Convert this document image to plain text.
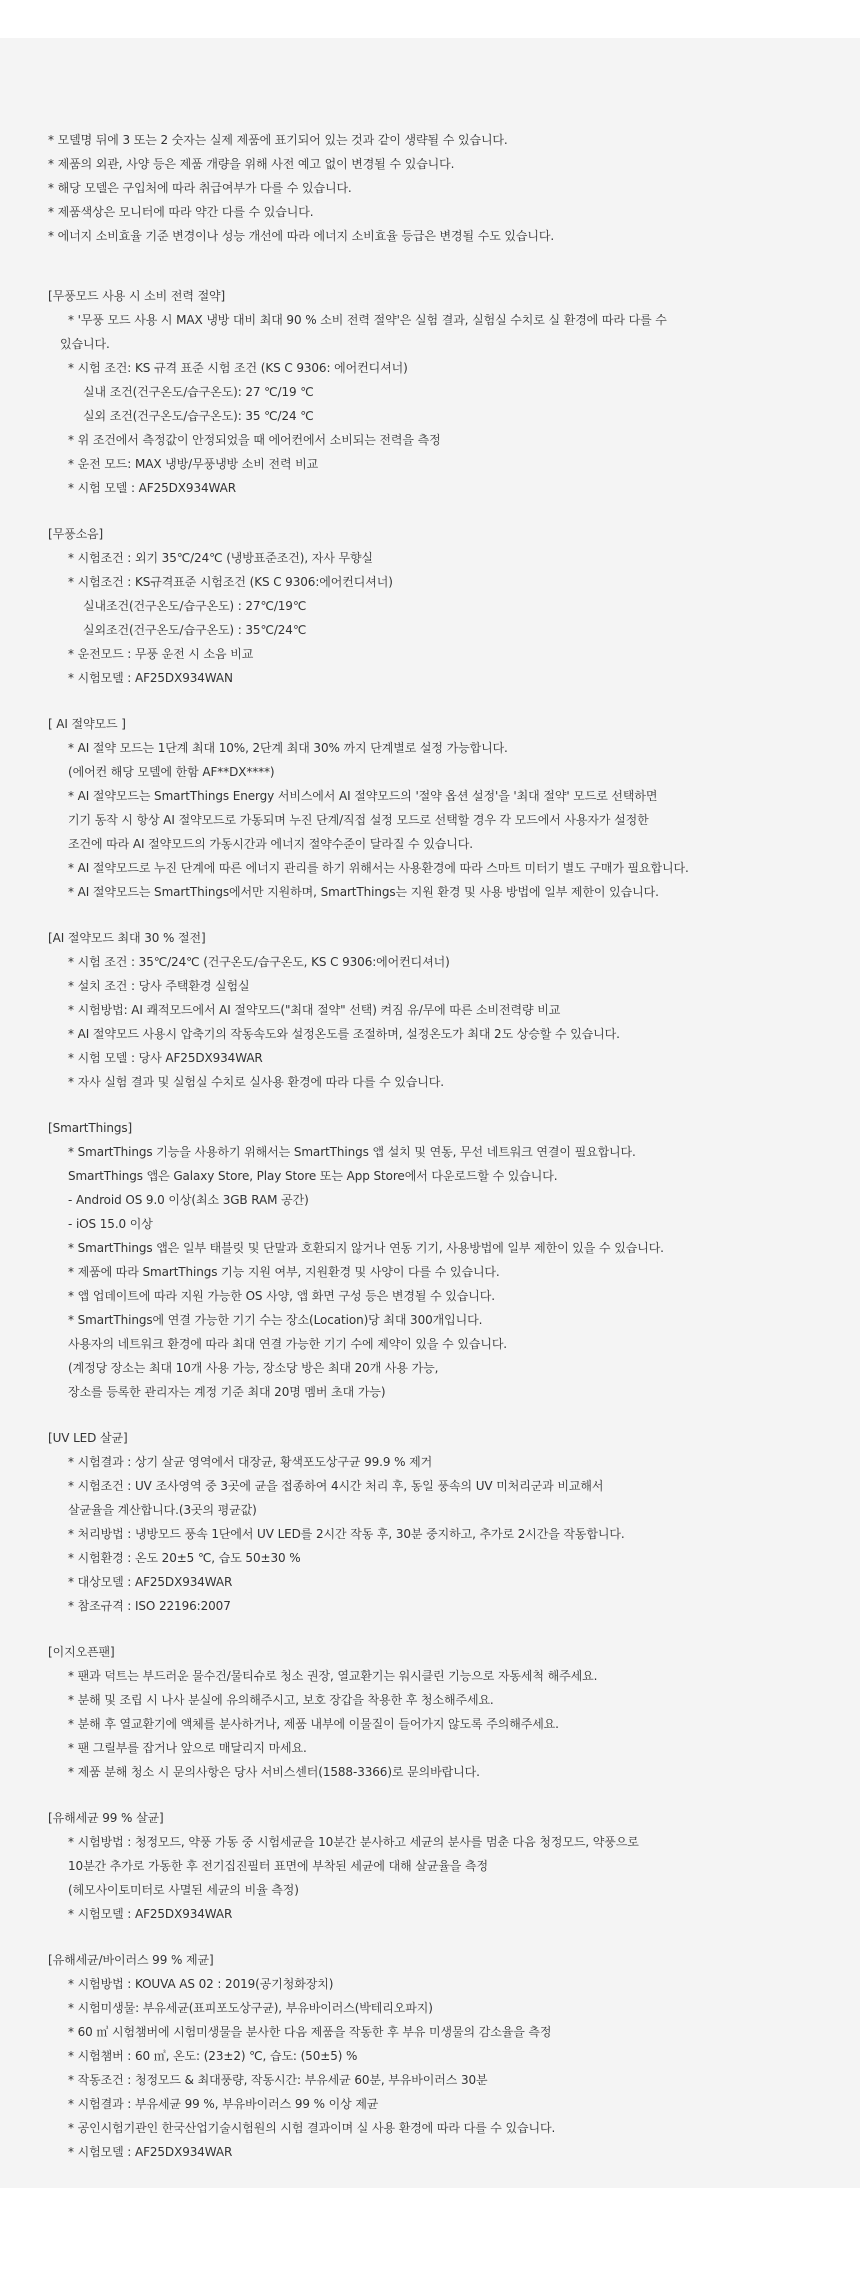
* 모델명 뒤에 3 또는 2 숫자는 실제 제품에 표기되어 있는 것과 같이 생략될 수 있습니다.
* 제품의 외관, 사양 등은 제품 개량을 위해 사전 예고 없이 변경될 수 있습니다.
* 해당 모델은 구입처에 따라 취급여부가 다를 수 있습니다.
* 제품색상은 모니터에 따라 약간 다를 수 있습니다.
* 에너지 소비효율 기준 변경이나 성능 개선에 따라 에너지 소비효율 등급은 변경될 수도 있습니다.
[무풍모드 사용 시 소비 전력 절약]
* '무풍 모드 사용 시 MAX 냉방 대비 최대 90 % 소비 전력 절약'은 실험 결과, 실험실 수치로 실 환경에 따라 다를 수
있습니다.
* 시험 조건: KS 규격 표준 시험 조건 (KS C 9306: 에어컨디셔너)
실내 조건(건구온도/습구온도): 27 ℃/19 ℃
실외 조건(건구온도/습구온도): 35 ℃/24 ℃
* 위 조건에서 측정값이 안정되었을 때 에어컨에서 소비되는 전력을 측정
* 운전 모드: MAX 냉방/무풍냉방 소비 전력 비교
* 시험 모델 : AF25DX934WAR
[무풍소음]
* 시험조건 : 외기 35℃/24℃ (냉방표준조건), 자사 무향실
* 시험조건 : KS규격표준 시험조건 (KS C 9306:에어컨디셔너)
실내조건(건구온도/습구온도) : 27℃/19℃
실외조건(건구온도/습구온도) : 35℃/24℃
* 운전모드 : 무풍 운전 시 소음 비교
* 시험모델 : AF25DX934WAN
[ AI 절약모드 ]
* AI 절약 모드는 1단계 최대 10%, 2단계 최대 30% 까지 단계별로 설정 가능합니다.
(에어컨 해당 모델에 한함 AF**DX****)
* AI 절약모드는 SmartThings Energy 서비스에서 AI 절약모드의 '절약 옵션 설정'을 '최대 절약' 모드로 선택하면
기기 동작 시 항상 AI 절약모드로 가동되며 누진 단계/직접 설정 모드로 선택할 경우 각 모드에서 사용자가 설정한
조건에 따라 AI 절약모드의 가동시간과 에너지 절약수준이 달라질 수 있습니다.
* AI 절약모드로 누진 단계에 따른 에너지 관리를 하기 위해서는 사용환경에 따라 스마트 미터기 별도 구매가 필요합니다.
* AI 절약모드는 SmartThings에서만 지원하며, SmartThings는 지원 환경 및 사용 방법에 일부 제한이 있습니다.
[AI 절약모드 최대 30 % 절전]
* 시험 조건 : 35℃/24℃ (건구온도/습구온도, KS C 9306:에어컨디셔너)
* 설치 조건 : 당사 주택환경 실험실
* 시험방법: AI 쾌적모드에서 AI 절약모드("최대 절약" 선택) 켜짐 유/무에 따른 소비전력량 비교
* AI 절약모드 사용시 압축기의 작동속도와 설정온도를 조절하며, 설정온도가 최대 2도 상승할 수 있습니다.
* 시험 모델 : 당사 AF25DX934WAR
* 자사 실험 결과 및 실험실 수치로 실사용 환경에 따라 다를 수 있습니다.
[SmartThings]
* SmartThings 기능을 사용하기 위해서는 SmartThings 앱 설치 및 연동, 무선 네트워크 연결이 필요합니다.
SmartThings 앱은 Galaxy Store, Play Store 또는 App Store에서 다운로드할 수 있습니다.
- Android OS 9.0 이상(최소 3GB RAM 공간)
- iOS 15.0 이상
* SmartThings 앱은 일부 태블릿 및 단말과 호환되지 않거나 연동 기기, 사용방법에 일부 제한이 있을 수 있습니다.
* 제품에 따라 SmartThings 기능 지원 여부, 지원환경 및 사양이 다를 수 있습니다.
* 앱 업데이트에 따라 지원 가능한 OS 사양, 앱 화면 구성 등은 변경될 수 있습니다.
* SmartThings에 연결 가능한 기기 수는 장소(Location)당 최대 300개입니다.
사용자의 네트워크 환경에 따라 최대 연결 가능한 기기 수에 제약이 있을 수 있습니다.
(계정당 장소는 최대 10개 사용 가능, 장소당 방은 최대 20개 사용 가능,
장소를 등록한 관리자는 계정 기준 최대 20명 멤버 초대 가능)
[UV LED 살균]
* 시험결과 : 상기 살균 영역에서 대장균, 황색포도상구균 99.9 % 제거
* 시험조건 : UV 조사영역 중 3곳에 균을 접종하여 4시간 처리 후, 동일 풍속의 UV 미처리군과 비교해서
살균율을 계산합니다.(3곳의 평균값)
* 처리방법 : 냉방모드 풍속 1단에서 UV LED를 2시간 작동 후, 30분 중지하고, 추가로 2시간을 작동합니다.
* 시험환경 : 온도 20±5 ℃, 습도 50±30 %
* 대상모델 : AF25DX934WAR
* 참조규격 : ISO 22196:2007
[이지오픈팬]
* 팬과 덕트는 부드러운 물수건/물티슈로 청소 권장, 열교환기는 워시클린 기능으로 자동세척 해주세요.
* 분해 및 조립 시 나사 분실에 유의해주시고, 보호 장갑을 착용한 후 청소해주세요.
* 분해 후 열교환기에 액체를 분사하거나, 제품 내부에 이물질이 들어가지 않도록 주의해주세요.
* 팬 그릴부를 잡거나 앞으로 매달리지 마세요.
* 제품 분해 청소 시 문의사항은 당사 서비스센터(1588-3366)로 문의바랍니다.
[유해세균 99 % 살균]
* 시험방법 : 청정모드, 약풍 가동 중 시험세균을 10분간 분사하고 세균의 분사를 멈춘 다음 청정모드, 약풍으로
10분간 추가로 가동한 후 전기집진필터 표면에 부착된 세균에 대해 살균율을 측정
(헤모사이토미터로 사멸된 세균의 비율 측정)
* 시험모델 : AF25DX934WAR
[유해세균/바이러스 99 % 제균]
* 시험방법 : KOUVA AS 02 : 2019(공기청화장치)
* 시험미생물: 부유세균(표피포도상구균), 부유바이러스(박테리오파지)
* 60 ㎥ 시험챔버에 시험미생물을 분사한 다음 제품을 작동한 후 부유 미생물의 감소율을 측정
* 시험챔버 : 60 ㎥, 온도: (23±2) ℃, 습도: (50±5) %
* 작동조건 : 청정모드 & 최대풍량, 작동시간: 부유세균 60분, 부유바이러스 30분
* 시험결과 : 부유세균 99 %, 부유바이러스 99 % 이상 제균
* 공인시험기관인 한국산업기술시험원의 시험 결과이며 실 사용 환경에 따라 다를 수 있습니다.
* 시험모델 : AF25DX934WAR
